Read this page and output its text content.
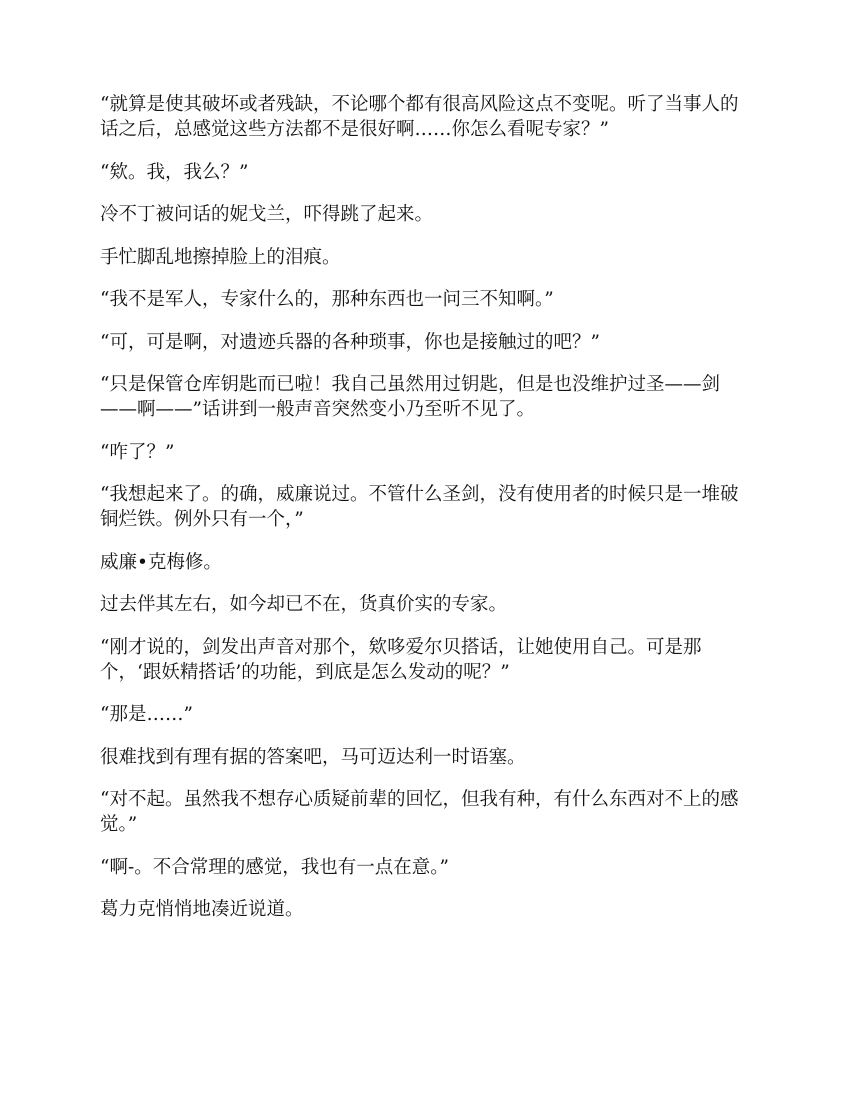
“就算是使其破坏或者残缺，不论哪个都有很高风险这点不变呢。听了当事人的话之后，总感觉这些方法都不是很好啊……你怎么看呢专家？”

“欸。我，我么？”

冷不丁被问话的妮戈兰，吓得跳了起来。

手忙脚乱地擦掉脸上的泪痕。

“我不是军人，专家什么的，那种东西也一问三不知啊。”

“可，可是啊，对遗迹兵器的各种琐事，你也是接触过的吧？”

“只是保管仓库钥匙而已啦！我自己虽然用过钥匙，但是也没维护过圣——剑——啊——”话讲到一般声音突然变小乃至听不见了。

“咋了？”

“我想起来了。的确，威廉说过。不管什么圣剑，没有使用者的时候只是一堆破铜烂铁。例外只有一个，”

威廉•克梅修。

过去伴其左右，如今却已不在，货真价实的专家。

“刚才说的，剑发出声音对那个，欸哆爱尔贝搭话，让她使用自己。可是那个，‘跟妖精搭话’的功能，到底是怎么发动的呢？”

“那是……”

很难找到有理有据的答案吧，马可迈达利一时语塞。

“对不起。虽然我不想存心质疑前辈的回忆，但我有种，有什么东西对不上的感觉。”

“啊-。不合常理的感觉，我也有一点在意。”

葛力克悄悄地凑近说道。
